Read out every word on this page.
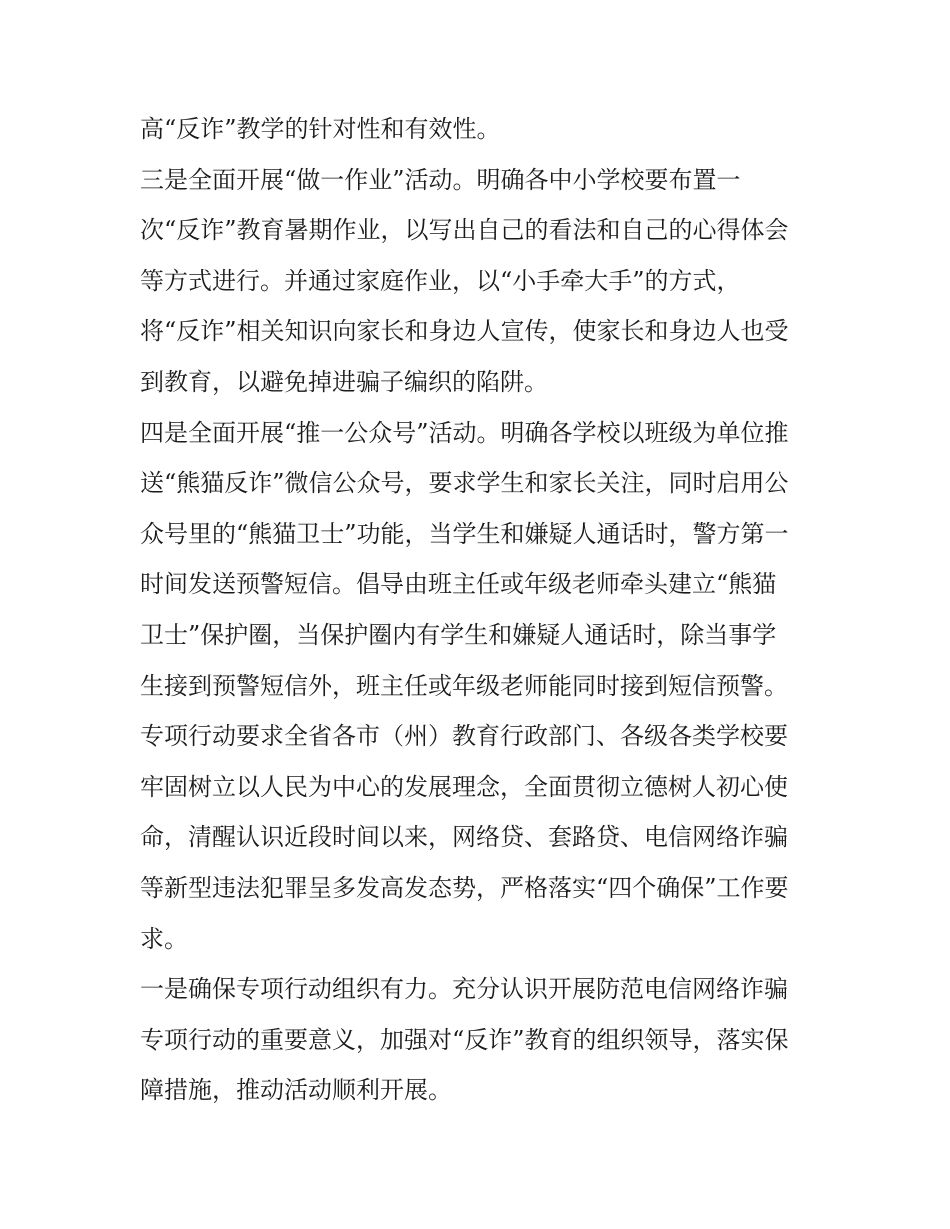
高“反诈”教学的针对性和有效性。
三是全面开展“做一作业”活动。明确各中小学校要布置一
次“反诈”教育暑期作业，以写出自己的看法和自己的心得体会
等方式进行。并通过家庭作业，以“小手牵大手”的方式，
将“反诈”相关知识向家长和身边人宣传，使家长和身边人也受
到教育，以避免掉进骗子编织的陷阱。
四是全面开展“推一公众号”活动。明确各学校以班级为单位推
送“熊猫反诈”微信公众号，要求学生和家长关注，同时启用公
众号里的“熊猫卫士”功能，当学生和嫌疑人通话时，警方第一
时间发送预警短信。倡导由班主任或年级老师牵头建立“熊猫
卫士”保护圈，当保护圈内有学生和嫌疑人通话时，除当事学
生接到预警短信外，班主任或年级老师能同时接到短信预警。
专项行动要求全省各市（州）教育行政部门、各级各类学校要
牢固树立以人民为中心的发展理念，全面贯彻立德树人初心使
命，清醒认识近段时间以来，网络贷、套路贷、电信网络诈骗
等新型违法犯罪呈多发高发态势，严格落实“四个确保”工作要
求。
一是确保专项行动组织有力。充分认识开展防范电信网络诈骗
专项行动的重要意义，加强对“反诈”教育的组织领导，落实保
障措施，推动活动顺利开展。
